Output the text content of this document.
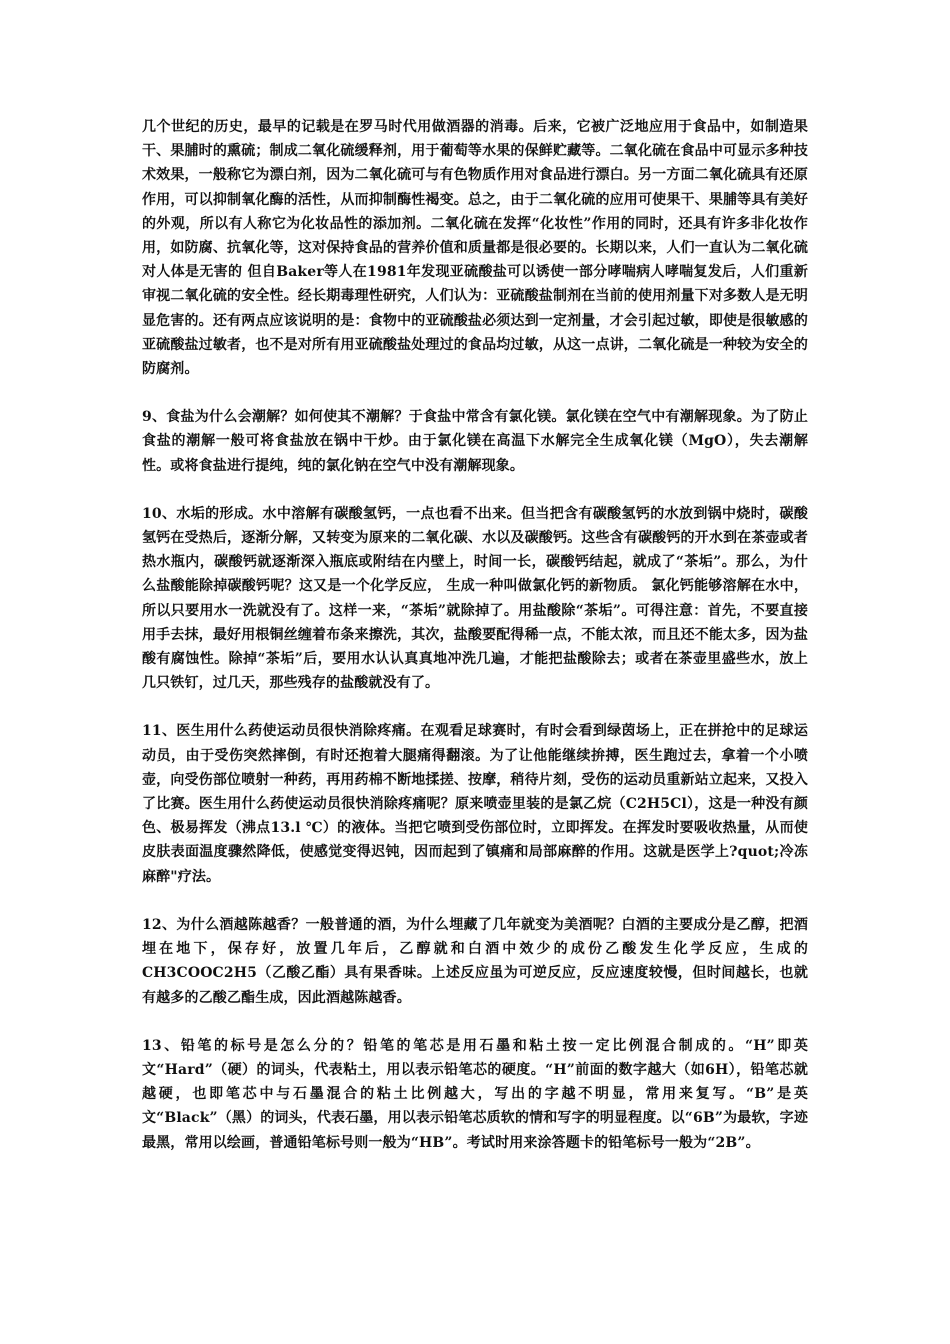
几个世纪的历史，最早的记载是在罗马时代用做酒器的消毒。后来，它被广泛地应用于食品中，如制造果干、果脯时的熏硫；制成二氧化硫缓释剂，用于葡萄等水果的保鲜贮藏等。二氧化硫在食品中可显示多种技术效果，一般称它为漂白剂，因为二氧化硫可与有色物质作用对食品进行漂白。另一方面二氧化硫具有还原作用，可以抑制氧化酶的活性，从而抑制酶性褐变。总之，由于二氧化硫的应用可使果干、果脯等具有美好的外观，所以有人称它为化妆品性的添加剂。二氧化硫在发挥“化妆性”作用的同时，还具有许多非化妆作用，如防腐、抗氧化等，这对保持食品的营养价值和质量都是很必要的。长期以来，人们一直认为二氧化硫对人体是无害的 但自Baker等人在1981年发现亚硫酸盐可以诱使一部分哮喘病人哮喘复发后，人们重新审视二氧化硫的安全性。经长期毒理性研究，人们认为：亚硫酸盐制剂在当前的使用剂量下对多数人是无明显危害的。还有两点应该说明的是：食物中的亚硫酸盐必须达到一定剂量，才会引起过敏，即使是很敏感的亚硫酸盐过敏者，也不是对所有用亚硫酸盐处理过的食品均过敏，从这一点讲，二氧化硫是一种较为安全的防腐剂。

9、食盐为什么会潮解？如何使其不潮解？于食盐中常含有氯化镁。氯化镁在空气中有潮解现象。为了防止食盐的潮解一般可将食盐放在锅中干炒。由于氯化镁在高温下水解完全生成氧化镁（MgO），失去潮解性。或将食盐进行提纯，纯的氯化钠在空气中没有潮解现象。

10、水垢的形成。水中溶解有碳酸氢钙，一点也看不出来。但当把含有碳酸氢钙的水放到锅中烧时，碳酸氢钙在受热后，逐渐分解，又转变为原来的二氧化碳、水以及碳酸钙。这些含有碳酸钙的开水到在茶壶或者热水瓶内，碳酸钙就逐渐深入瓶底或附结在内壁上，时间一长，碳酸钙结起，就成了“茶垢”。那么，为什么盐酸能除掉碳酸钙呢？这又是一个化学反应， 生成一种叫做氯化钙的新物质。 氯化钙能够溶解在水中，所以只要用水一洗就没有了。这样一来，“茶垢”就除掉了。用盐酸除“茶垢”。可得注意：首先，不要直接用手去抹，最好用根铜丝缠着布条来擦洗，其次，盐酸要配得稀一点，不能太浓，而且还不能太多，因为盐酸有腐蚀性。除掉“茶垢”后，要用水认认真真地冲洗几遍，才能把盐酸除去；或者在茶壶里盛些水，放上几只铁钉，过几天，那些残存的盐酸就没有了。

11、医生用什么药使运动员很快消除疼痛。在观看足球赛时，有时会看到绿茵场上，正在拼抢中的足球运动员，由于受伤突然摔倒，有时还抱着大腿痛得翻滚。为了让他能继续拚搏，医生跑过去，拿着一个小喷壶，向受伤部位喷射一种药，再用药棉不断地揉搓、按摩，稍待片刻，受伤的运动员重新站立起来，又投入了比赛。医生用什么药使运动员很快消除疼痛呢？原来喷壶里装的是氯乙烷（C2H5Cl），这是一种没有颜色、极易挥发（沸点13.l ℃）的液体。当把它喷到受伤部位时，立即挥发。在挥发时要吸收热量，从而使皮肤表面温度骤然降低，使感觉变得迟钝，因而起到了镇痛和局部麻醉的作用。这就是医学上?quot;冷冻麻醉"疗法。

12、为什么酒越陈越香？一般普通的酒，为什么埋藏了几年就变为美酒呢？白酒的主要成分是乙醇，把酒埋在地下，保存好，放置几年后，乙醇就和白酒中效少的成份乙酸发生化学反应，生成的CH3COOC2H5（乙酸乙酯）具有果香味。上述反应虽为可逆反应，反应速度较慢，但时间越长，也就有越多的乙酸乙酯生成，因此酒越陈越香。

13、铅笔的标号是怎么分的？铅笔的笔芯是用石墨和粘土按一定比例混合制成的。“H”即英文“Hard”（硬）的词头，代表粘土，用以表示铅笔芯的硬度。“H”前面的数字越大（如6H），铅笔芯就越硬，也即笔芯中与石墨混合的粘土比例越大，写出的字越不明显，常用来复写。“B”是英文“Black”（黑）的词头，代表石墨，用以表示铅笔芯质软的情和写字的明显程度。以“6B”为最软，字迹最黑，常用以绘画，普通铅笔标号则一般为“HB”。考试时用来涂答题卡的铅笔标号一般为“2B”。
